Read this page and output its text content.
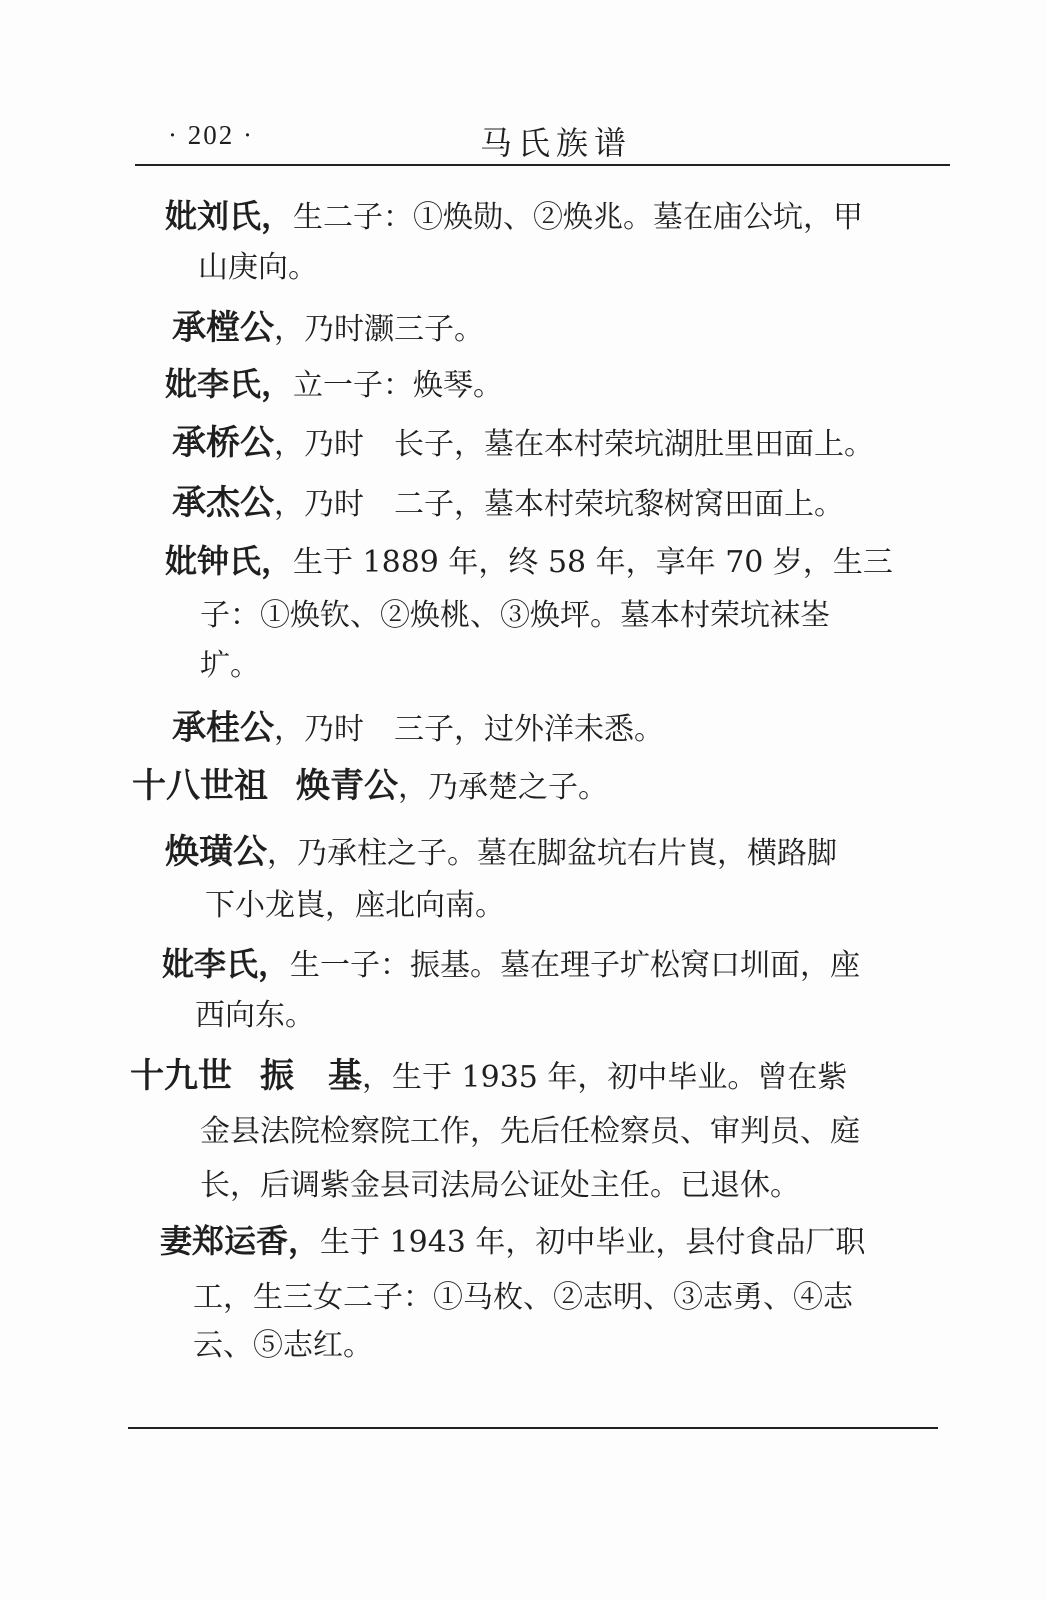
· 202 ·	马氏族谱
妣刘氏，生二子：①焕勋、②焕兆。墓在庙公坑，甲
山庚向。
承樘公，乃时灏三子。
妣李氏，立一子：焕琴。
承桥公，乃时　长子，墓在本村荣坑湖肚里田面上。
承杰公，乃时　二子，墓本村荣坑黎树窝田面上。
妣钟氏，生于 1889 年，终 58 年，享年 70 岁，生三
子：①焕钦、②焕桃、③焕坪。墓本村荣坑袜峑
圹。
承桂公，乃时　三子，过外洋未悉。
十八世祖 焕青公，乃承楚之子。
焕璜公，乃承柱之子。墓在脚盆坑右片崀，横路脚
下小龙崀，座北向南。
妣李氏，生一子：振基。墓在理子圹松窝口圳面，座
西向东。
十九世 振　基，生于 1935 年，初中毕业。曾在紫
金县法院检察院工作，先后任检察员、审判员、庭
长，后调紫金县司法局公证处主任。已退休。
妻郑运香，生于 1943 年，初中毕业，县付食品厂职
工，生三女二子：①马枚、②志明、③志勇、④志
云、⑤志红。
